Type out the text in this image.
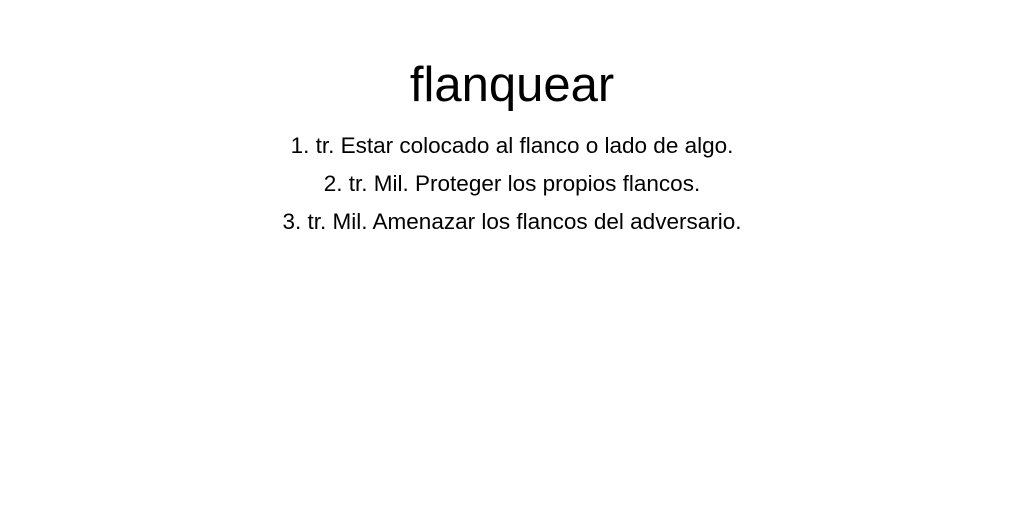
flanquear
1. tr. Estar colocado al flanco o lado de algo.
2. tr. Mil. Proteger los propios flancos.
3. tr. Mil. Amenazar los flancos del adversario.
